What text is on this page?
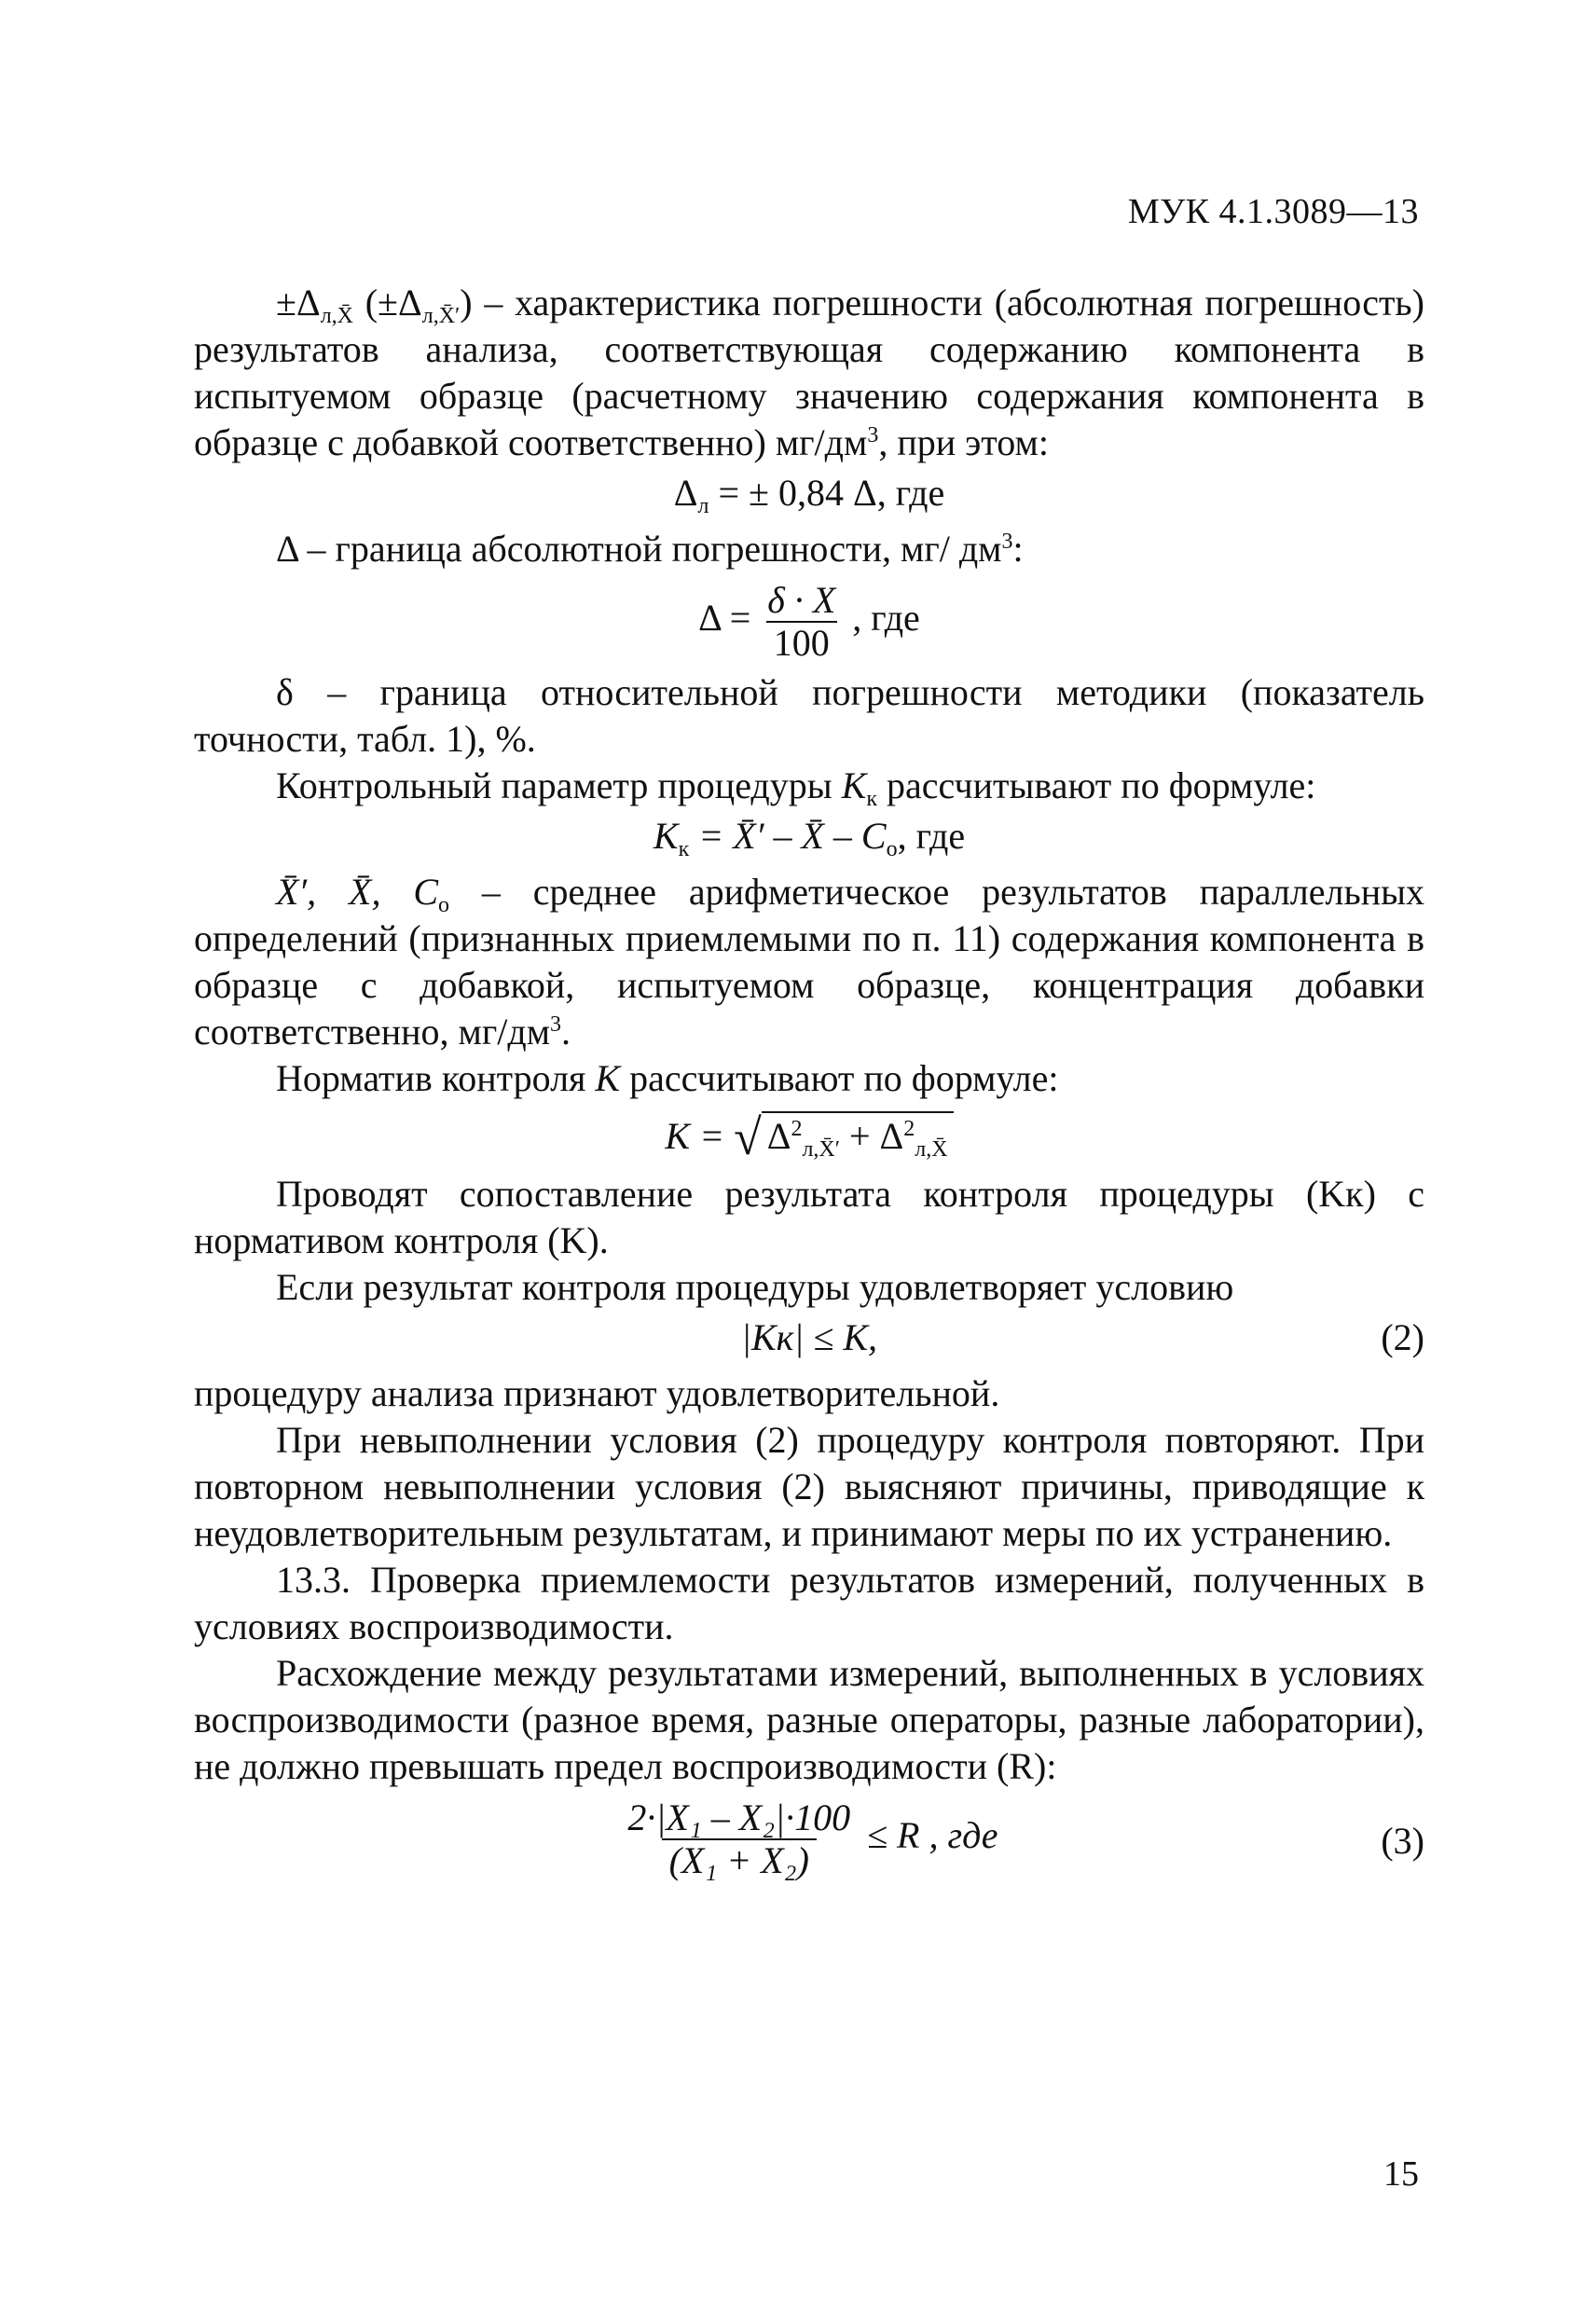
МУК 4.1.3089—13

$\pm\Delta_{л,X̄}$ $(\pm\Delta_{л,X̄'})$ – характеристика погрешности (абсолютная погрешность) результатов анализа, соответствующая содержанию компонента в испытуемом образце (расчетному значению содержания компонента в образце с добавкой соответственно) $мг/дм^3$, при этом:

$\Delta_л$ = ± 0,84 Δ, где

Δ – граница абсолютной погрешности, мг/ $дм^3$:

$\Delta = \frac{\delta \cdot X}{100}$ , где

δ – граница относительной погрешности методики (показатель точности, табл. 1), %.

Контрольный параметр процедуры $K_к$ рассчитывают по формуле:

$K_к$ = X̄′ – X̄ – $C_о$, где

X̄′, X̄, $C_о$ – среднее арифметическое результатов параллельных определений (признанных приемлемыми по п. 11) содержания компонента в образце с добавкой, испытуемом образце, концентрация добавки соответственно, $мг/дм^3$.

Норматив контроля K рассчитывают по формуле:

K = √ $\Delta^2_{л,X̄'} + \Delta^2_{л,X̄}$

Проводят сопоставление результата контроля процедуры (Kк) с нормативом контроля (K).

Если результат контроля процедуры удовлетворяет условию

|Kк| ≤ K,	(2)

процедуру анализа признают удовлетворительной.

При невыполнении условия (2) процедуру контроля повторяют. При повторном невыполнении условия (2) выясняют причины, приводящие к неудовлетворительным результатам, и принимают меры по их устранению.

13.3. Проверка приемлемости результатов измерений, полученных в условиях воспроизводимости.

Расхождение между результатами измерений, выполненных в условиях воспроизводимости (разное время, разные операторы, разные лаборатории), не должно превышать предел воспроизводимости (R):

$\frac{\text{2·|X₁ – X₂|·100}}{\text{(X₁ + X₂)}} \le R$ , где	(3)
15
